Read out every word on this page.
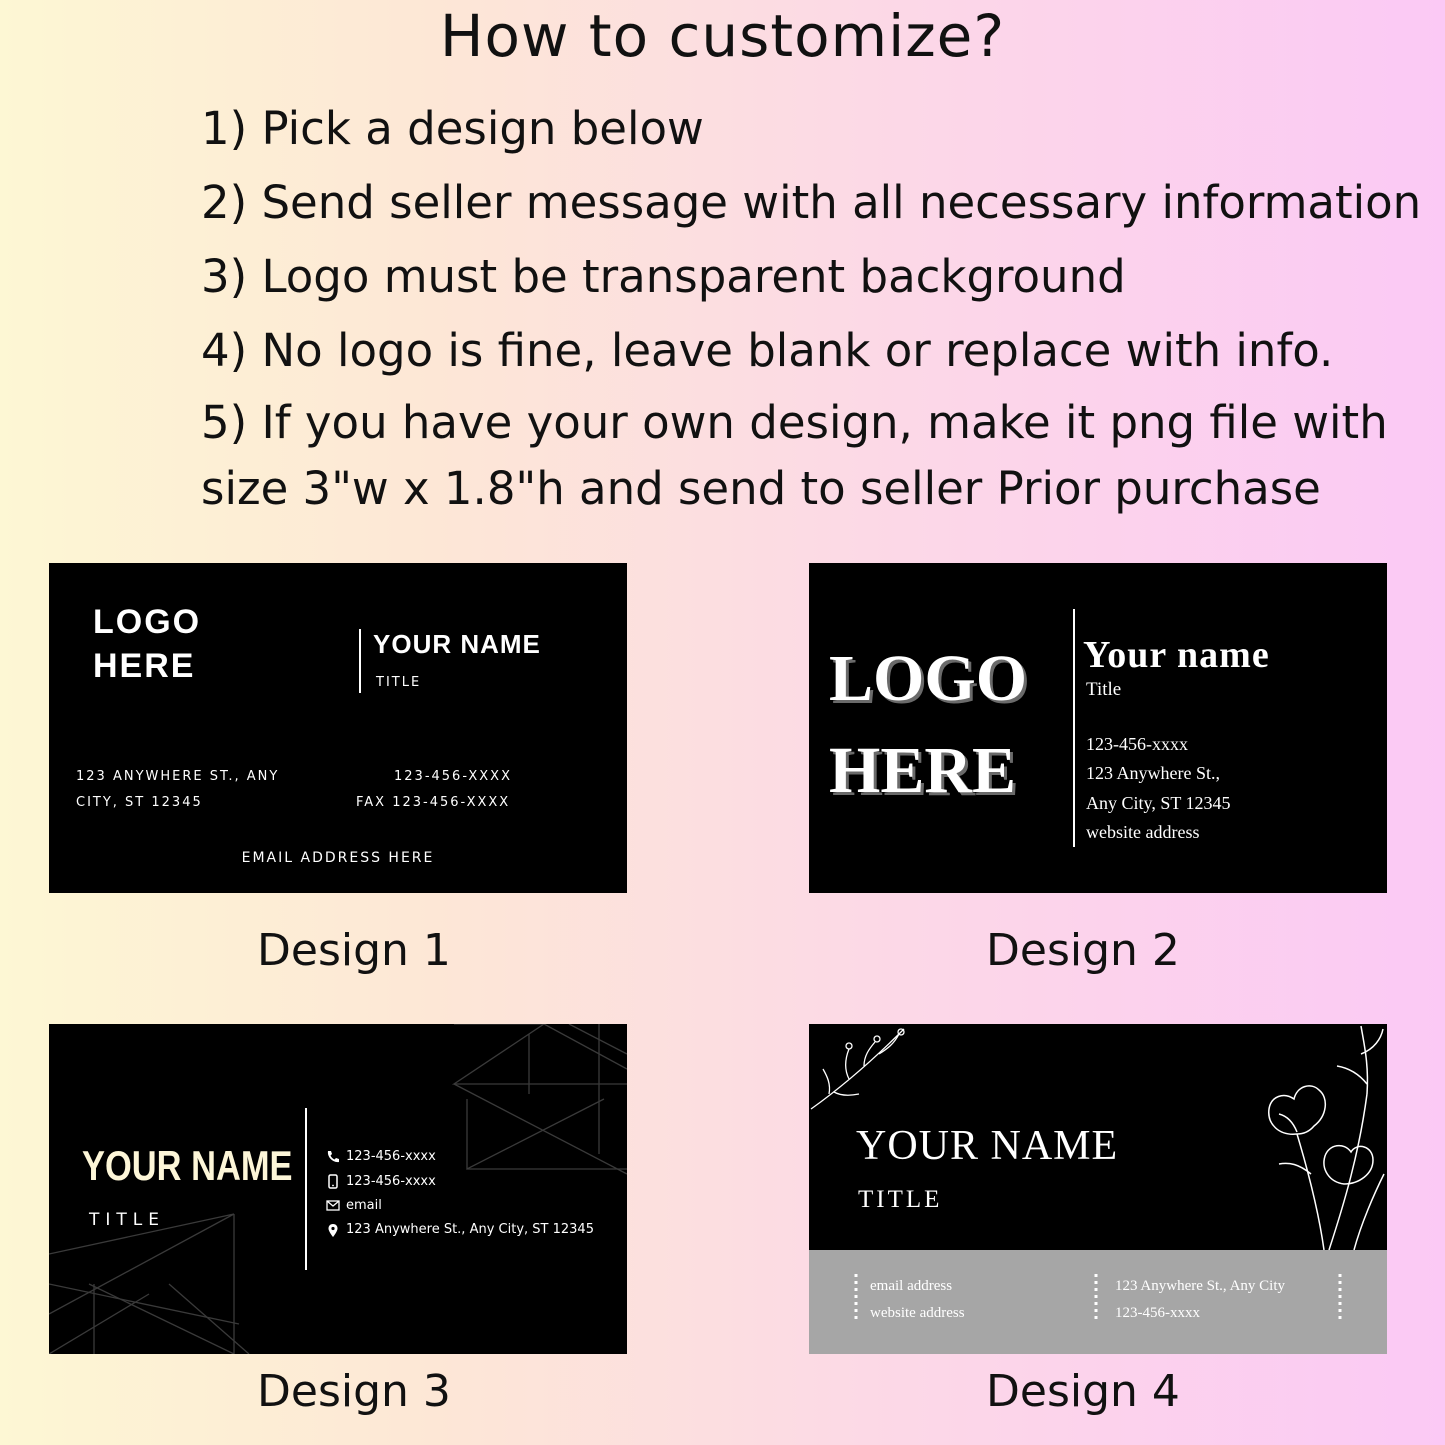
How to customize?
1) Pick a design below
2) Send seller message with all necessary information
3) Logo must be transparent background
4) No logo is fine, leave blank or replace with info.
5) If you have your own design, make it png file with
size 3"w x 1.8"h and send to seller Prior purchase
LOGO
HERE
YOUR NAME
TITLE
123 ANYWHERE ST., ANY
CITY, ST 12345
123-456-XXXX
FAX 123-456-XXXX
EMAIL ADDRESS HERE
Design 1
LOGO
HERE
Your name
Title
123-456-xxxx
123 Anywhere St.,
Any City, ST 12345
website address
Design 2
YOUR NAME
TITLE
123-456-xxxx
123-456-xxxx
email
123 Anywhere St., Any City, ST 12345
Design 3
YOUR NAME
TITLE
email address
website address
123 Anywhere St., Any City
123-456-xxxx
Design 4
